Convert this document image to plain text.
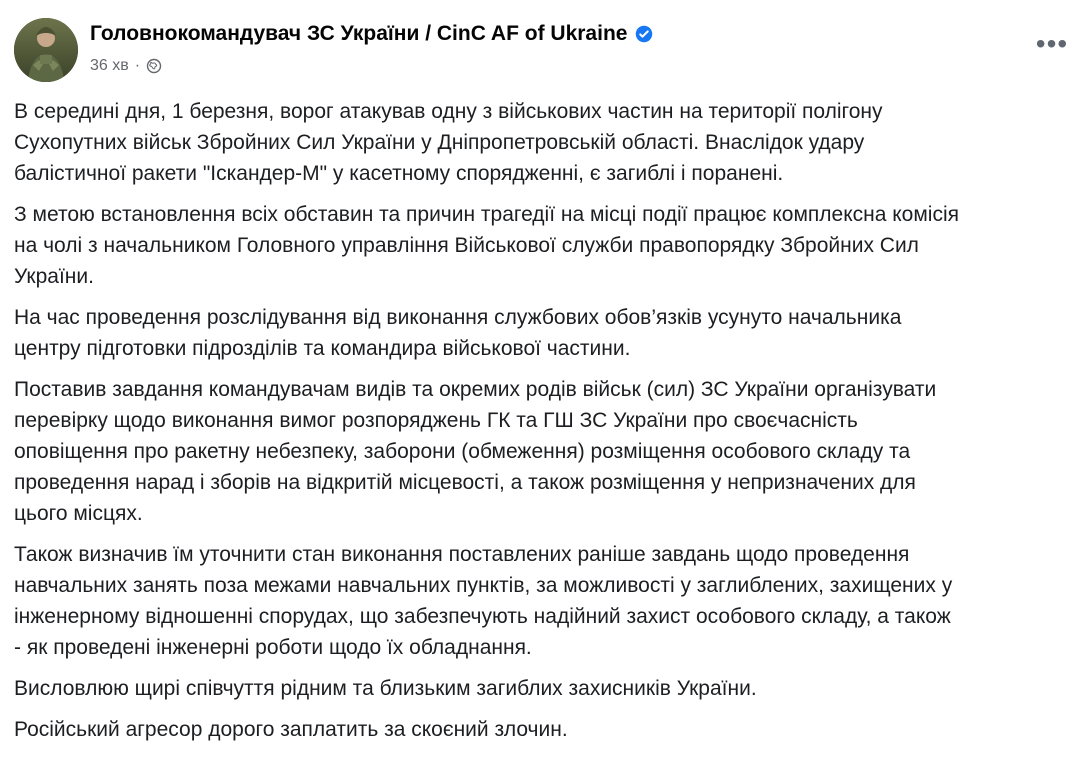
Головнокомандувач ЗС України / CinC AF of Ukraine
36 хв ·
•••

В середині дня, 1 березня, ворог атакував одну з військових частин на території полігону
Сухопутних військ Збройних Сил України у Дніпропетровській області. Внаслідок удару
балістичної ракети "Іскандер-М" у касетному спорядженні, є загиблі і поранені.

З метою встановлення всіх обставин та причин трагедії на місці події працює комплексна комісія
на чолі з начальником Головного управління Військової служби правопорядку Збройних Сил
України.

На час проведення розслідування від виконання службових обов’язків усунуто начальника
центру підготовки підрозділів та командира військової частини.

Поставив завдання командувачам видів та окремих родів військ (сил) ЗС України організувати
перевірку щодо виконання вимог розпоряджень ГК та ГШ ЗС України про своєчасність
оповіщення про ракетну небезпеку, заборони (обмеження) розміщення особового складу та
проведення нарад і зборів на відкритій місцевості, а також розміщення у непризначених для
цього місцях.

Також визначив їм уточнити стан виконання поставлених раніше завдань щодо проведення
навчальних занять поза межами навчальних пунктів, за можливості у заглиблених, захищених у
інженерному відношенні спорудах, що забезпечують надійний захист особового складу, а також
- як проведені інженерні роботи щодо їх обладнання.

Висловлюю щирі співчуття рідним та близьким загиблих захисників України.

Російський агресор дорого заплатить за скоєний злочин.
